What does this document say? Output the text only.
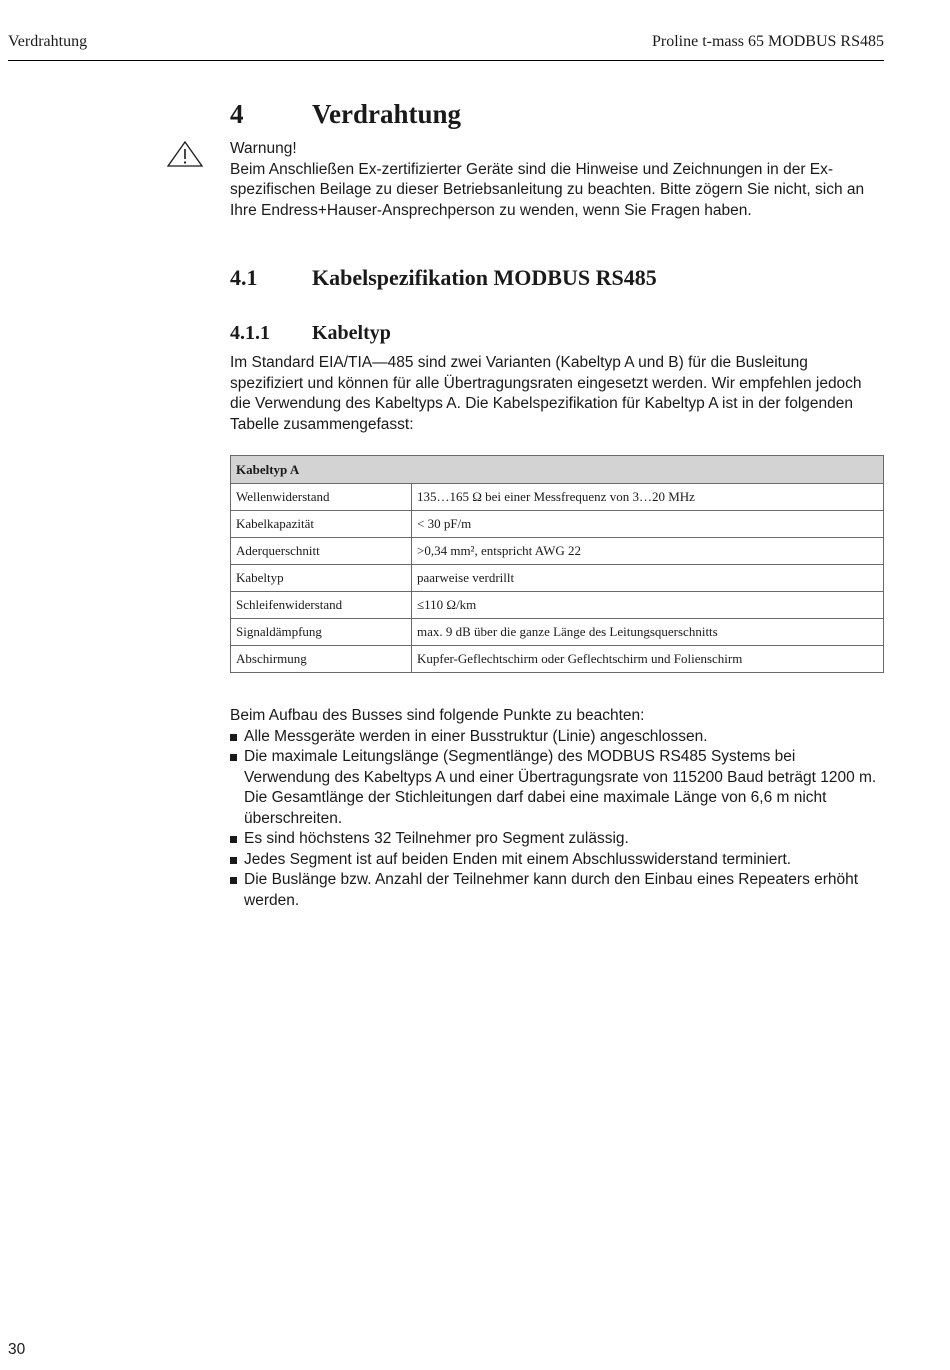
Verdrahtung	Proline t-mass 65 MODBUS RS485
4	Verdrahtung
Warnung!
Beim Anschließen Ex-zertifizierter Geräte sind die Hinweise und Zeichnungen in der Ex-spezifischen Beilage zu dieser Betriebsanleitung zu beachten. Bitte zögern Sie nicht, sich an Ihre Endress+Hauser-Ansprechperson zu wenden, wenn Sie Fragen haben.
4.1	Kabelspezifikation MODBUS RS485
4.1.1	Kabeltyp
Im Standard EIA/TIA—485 sind zwei Varianten (Kabeltyp A und B) für die Busleitung spezifiziert und können für alle Übertragungsraten eingesetzt werden. Wir empfehlen jedoch die Verwendung des Kabeltyps A. Die Kabelspezifikation für Kabeltyp A ist in der folgenden Tabelle zusammengefasst:
Kabeltyp A	
Wellenwiderstand	135…165 Ω bei einer Messfrequenz von 3…20 MHz
Kabelkapazität	< 30 pF/m
Aderquerschnitt	>0,34 mm², entspricht AWG 22
Kabeltyp	paarweise verdrillt
Schleifenwiderstand	≤110 Ω/km
Signaldämpfung	max. 9 dB über die ganze Länge des Leitungsquerschnitts
Abschirmung	Kupfer-Geflechtschirm oder Geflechtschirm und Folienschirm
Beim Aufbau des Busses sind folgende Punkte zu beachten:
Alle Messgeräte werden in einer Busstruktur (Linie) angeschlossen.
Die maximale Leitungslänge (Segmentlänge) des MODBUS RS485 Systems bei Verwendung des Kabeltyps A und einer Übertragungsrate von 115200 Baud beträgt 1200 m. Die Gesamtlänge der Stichleitungen darf dabei eine maximale Länge von 6,6 m nicht überschreiten.
Es sind höchstens 32 Teilnehmer pro Segment zulässig.
Jedes Segment ist auf beiden Enden mit einem Abschlusswiderstand terminiert.
Die Buslänge bzw. Anzahl der Teilnehmer kann durch den Einbau eines Repeaters erhöht werden.
30
